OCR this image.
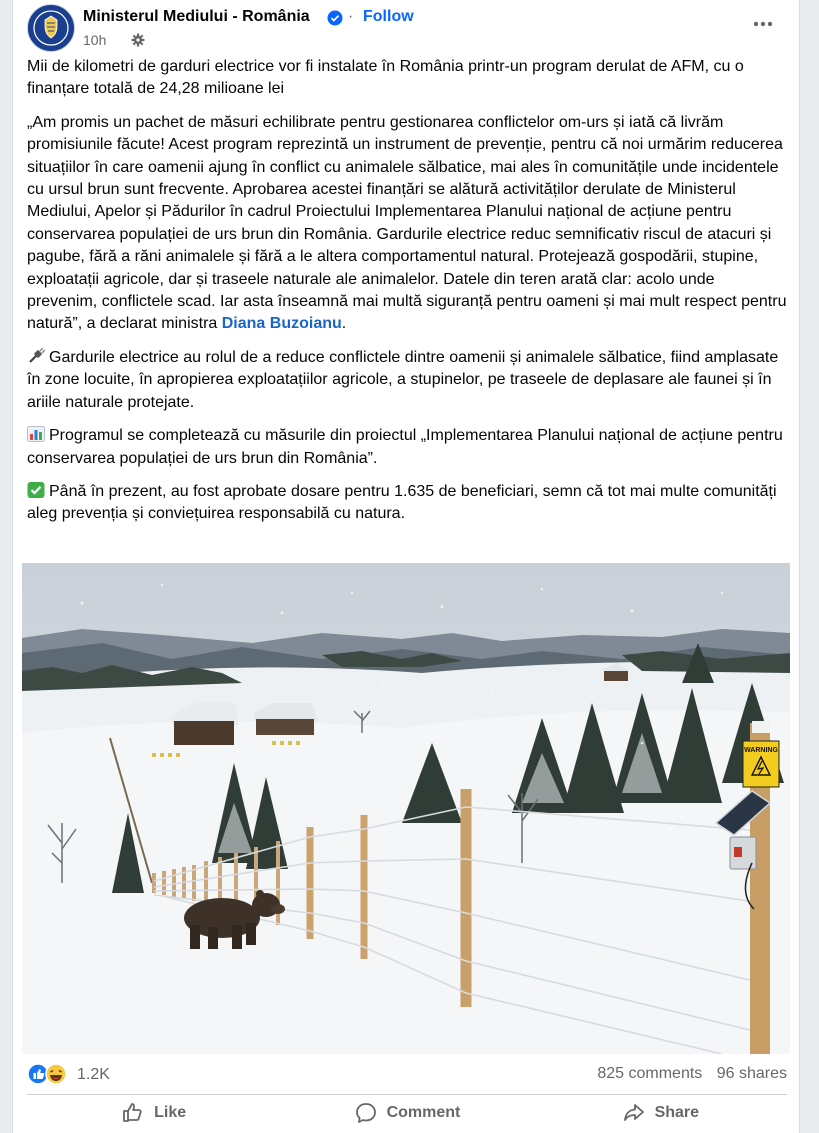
Ministerul Mediului - România · Follow
10h

Mii de kilometri de garduri electrice vor fi instalate în România printr-un program derulat de AFM, cu o finanțare totală de 24,28 milioane lei

„Am promis un pachet de măsuri echilibrate pentru gestionarea conflictelor om-urs și iată că livrăm promisiunile făcute! Acest program reprezintă un instrument de prevenție, pentru că noi urmărim reducerea situațiilor în care oamenii ajung în conflict cu animalele sălbatice, mai ales în comunitățile unde incidentele cu ursul brun sunt frecvente. Aprobarea acestei finanțări se alătură activităților derulate de Ministerul Mediului, Apelor și Pădurilor în cadrul Proiectului Implementarea Planului național de acțiune pentru conservarea populației de urs brun din România. Gardurile electrice reduc semnificativ riscul de atacuri și pagube, fără a răni animalele și fără a le altera comportamentul natural. Protejează gospodării, stupine, exploatații agricole, dar și traseele naturale ale animalelor. Datele din teren arată clar: acolo unde prevenim, conflictele scad. Iar asta înseamnă mai multă siguranță pentru oameni și mai mult respect pentru natură”, a declarat ministra Diana Buzoianu.

Gardurile electrice au rolul de a reduce conflictele dintre oamenii și animalele sălbatice, fiind amplasate în zone locuite, în apropierea exploatațiilor agricole, a stupinelor, pe traseele de deplasare ale faunei și în ariile naturale protejate.

Programul se completează cu măsurile din proiectul „Implementarea Planului național de acțiune pentru conservarea populației de urs brun din România”.

Până în prezent, au fost aprobate dosare pentru 1.635 de beneficiari, semn că tot mai multe comunități aleg prevenția și conviețuirea responsabilă cu natura.

WARNING
1.2K	825 comments 96 shares
Like	Comment	Share
